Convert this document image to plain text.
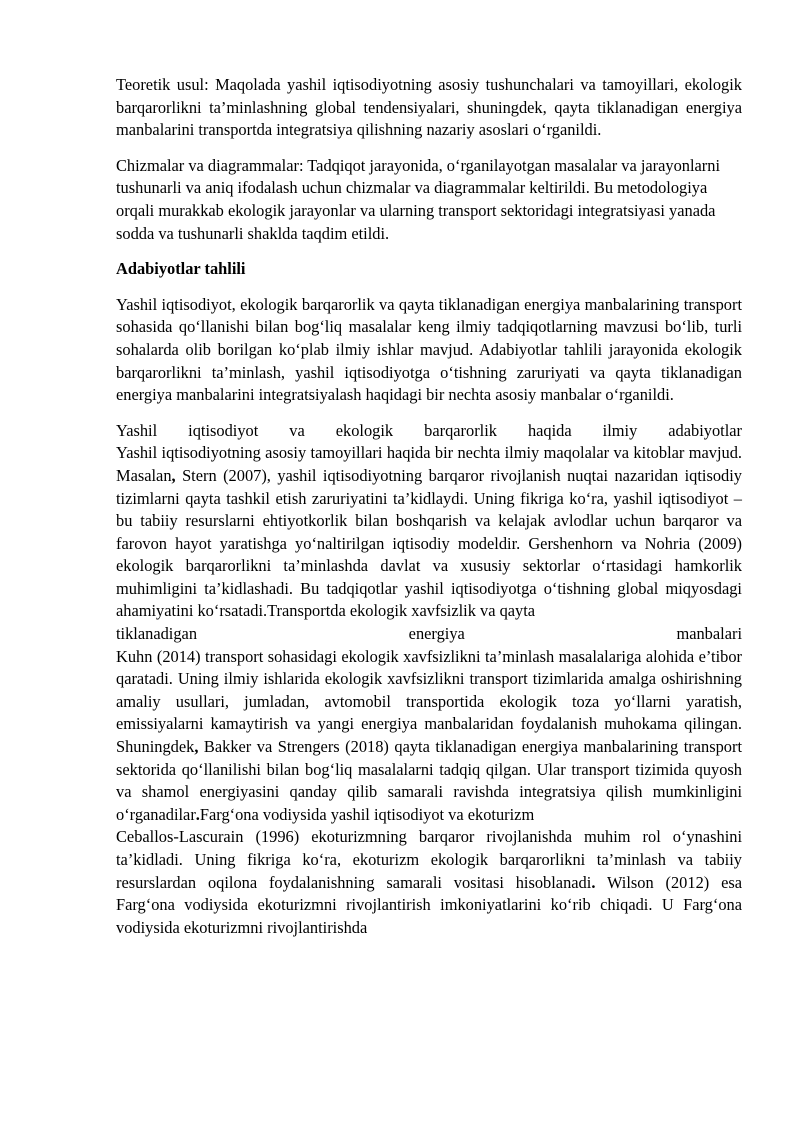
Teoretik usul: Maqolada yashil iqtisodiyotning asosiy tushunchalari va tamoyillari, ekologik barqarorlikni ta’minlashning global tendensiyalari, shuningdek, qayta tiklanadigan energiya manbalarini transportda integratsiya qilishning nazariy asoslari o‘rganildi.

Chizmalar va diagrammalar: Tadqiqot jarayonida, o‘rganilayotgan masalalar va jarayonlarni tushunarli va aniq ifodalash uchun chizmalar va diagrammalar keltirildi. Bu metodologiya orqali murakkab ekologik jarayonlar va ularning transport sektoridagi integratsiyasi yanada sodda va tushunarli shaklda taqdim etildi.

Adabiyotlar tahlili

Yashil iqtisodiyot, ekologik barqarorlik va qayta tiklanadigan energiya manbalarining transport sohasida qo‘llanishi bilan bog‘liq masalalar keng ilmiy tadqiqotlarning mavzusi bo‘lib, turli sohalarda olib borilgan ko‘plab ilmiy ishlar mavjud. Adabiyotlar tahlili jarayonida ekologik barqarorlikni ta’minlash, yashil iqtisodiyotga o‘tishning zaruriyati va qayta tiklanadigan energiya manbalarini integratsiyalash haqidagi bir nechta asosiy manbalar o‘rganildi.

Yashil iqtisodiyot va ekologik barqarorlik haqida ilmiy adabiyotlar
Yashil iqtisodiyotning asosiy tamoyillari haqida bir nechta ilmiy maqolalar va kitoblar mavjud. Masalan, Stern (2007), yashil iqtisodiyotning barqaror rivojlanish nuqtai nazaridan iqtisodiy tizimlarni qayta tashkil etish zaruriyatini ta’kidlaydi. Uning fikriga ko‘ra, yashil iqtisodiyot – bu tabiiy resurslarni ehtiyotkorlik bilan boshqarish va kelajak avlodlar uchun barqaror va farovon hayot yaratishga yo‘naltirilgan iqtisodiy modeldir. Gershenhorn va Nohria (2009) ekologik barqarorlikni ta’minlashda davlat va xususiy sektorlar o‘rtasidagi hamkorlik muhimligini ta’kidlashadi. Bu tadqiqotlar yashil iqtisodiyotga o‘tishning global miqyosdagi ahamiyatini ko‘rsatadi.Transportda ekologik xavfsizlik va qayta
tiklanadigan energiya manbalari
Kuhn (2014) transport sohasidagi ekologik xavfsizlikni ta’minlash masalalariga alohida e’tibor qaratadi. Uning ilmiy ishlarida ekologik xavfsizlikni transport tizimlarida amalga oshirishning amaliy usullari, jumladan, avtomobil transportida ekologik toza yo‘llarni yaratish, emissiyalarni kamaytirish va yangi energiya manbalaridan foydalanish muhokama qilingan. Shuningdek, Bakker va Strengers (2018) qayta tiklanadigan energiya manbalarining transport sektorida qo‘llanilishi bilan bog‘liq masalalarni tadqiq qilgan. Ular transport tizimida quyosh va shamol energiyasini qanday qilib samarali ravishda integratsiya qilish mumkinligini o‘rganadilar.Farg‘ona vodiysida yashil iqtisodiyot va ekoturizm
Ceballos-Lascurain (1996) ekoturizmning barqaror rivojlanishda muhim rol o‘ynashini ta’kidladi. Uning fikriga ko‘ra, ekoturizm ekologik barqarorlikni ta’minlash va tabiiy resurslardan oqilona foydalanishning samarali vositasi hisoblanadi. Wilson (2012) esa Farg‘ona vodiysida ekoturizmni rivojlantirish imkoniyatlarini ko‘rib chiqadi. U Farg‘ona vodiysida ekoturizmni rivojlantirishda
